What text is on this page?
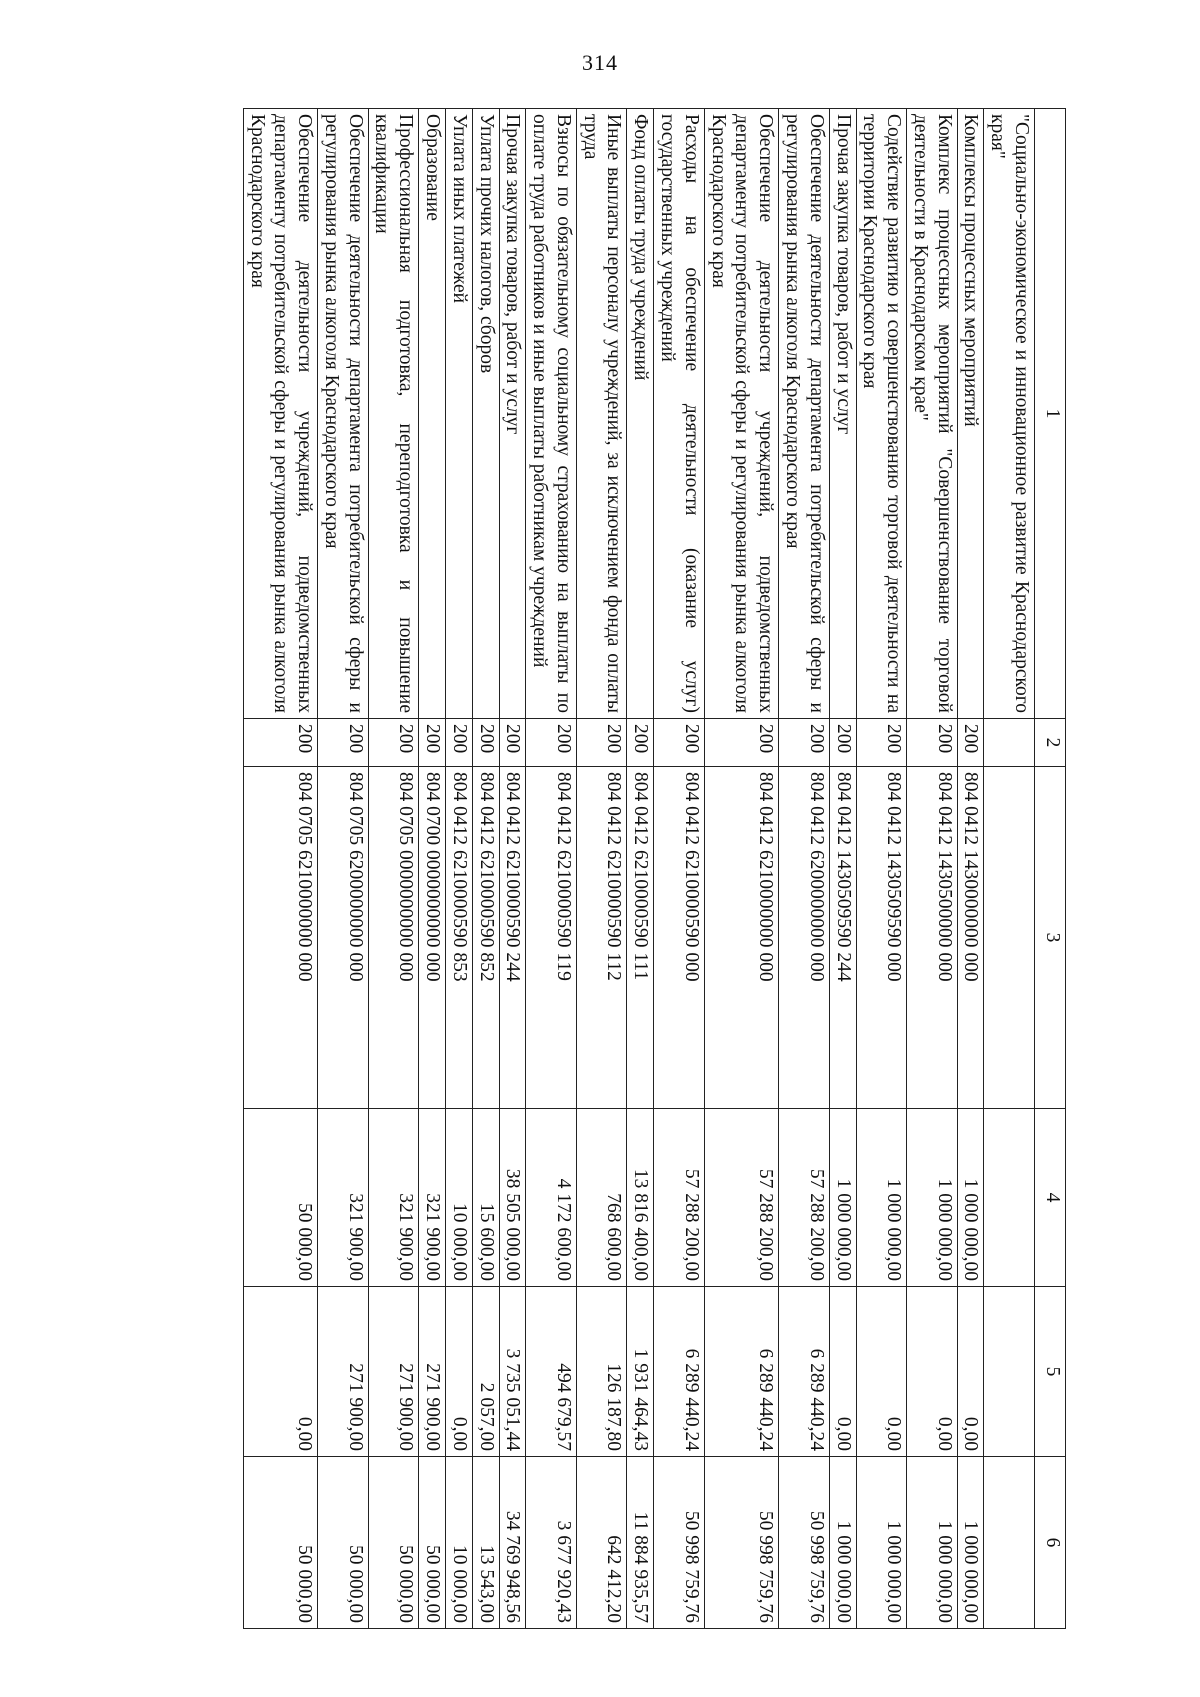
314
1	2	3	4	5	6
"Социально-экономическое и инновационное развитие Краснодарского края"					
Комплексы процессных мероприятий	200	804 0412 1430000000 000	1 000 000,00	0,00	1 000 000,00
Комплекс процессных мероприятий "Совершенствование торговой деятельности в Краснодарском крае"	200	804 0412 1430500000 000	1 000 000,00	0,00	1 000 000,00
Содействие развитию и совершенствованию торговой деятельности на территории Краснодарского края	200	804 0412 1430509590 000	1 000 000,00	0,00	1 000 000,00
Прочая закупка товаров, работ и услуг	200	804 0412 1430509590 244	1 000 000,00	0,00	1 000 000,00
Обеспечение деятельности департамента потребительской сферы и регулирования рынка алкоголя Краснодарского края	200	804 0412 6200000000 000	57 288 200,00	6 289 440,24	50 998 759,76
Обеспечение деятельности учреждений, подведомственных департаменту потребительской сферы и регулирования рынка алкоголя Краснодарского края	200	804 0412 6210000000 000	57 288 200,00	6 289 440,24	50 998 759,76
Расходы на обеспечение деятельности (оказание услуг) государственных учреждений	200	804 0412 6210000590 000	57 288 200,00	6 289 440,24	50 998 759,76
Фонд оплаты труда учреждений	200	804 0412 6210000590 111	13 816 400,00	1 931 464,43	11 884 935,57
Иные выплаты персоналу учреждений, за исключением фонда оплаты труда	200	804 0412 6210000590 112	768 600,00	126 187,80	642 412,20
Взносы по обязательному социальному страхованию на выплаты по оплате труда работников и иные выплаты работникам учреждений	200	804 0412 6210000590 119	4 172 600,00	494 679,57	3 677 920,43
Прочая закупка товаров, работ и услуг	200	804 0412 6210000590 244	38 505 000,00	3 735 051,44	34 769 948,56
Уплата прочих налогов, сборов	200	804 0412 6210000590 852	15 600,00	2 057,00	13 543,00
Уплата иных платежей	200	804 0412 6210000590 853	10 000,00	0,00	10 000,00
Образование	200	804 0700 0000000000 000	321 900,00	271 900,00	50 000,00
Профессиональная подготовка, переподготовка и повышение квалификации	200	804 0705 0000000000 000	321 900,00	271 900,00	50 000,00
Обеспечение деятельности департамента потребительской сферы и регулирования рынка алкоголя Краснодарского края	200	804 0705 6200000000 000	321 900,00	271 900,00	50 000,00
Обеспечение деятельности учреждений, подведомственных департаменту потребительской сферы и регулирования рынка алкоголя Краснодарского края	200	804 0705 6210000000 000	50 000,00	0,00	50 000,00
